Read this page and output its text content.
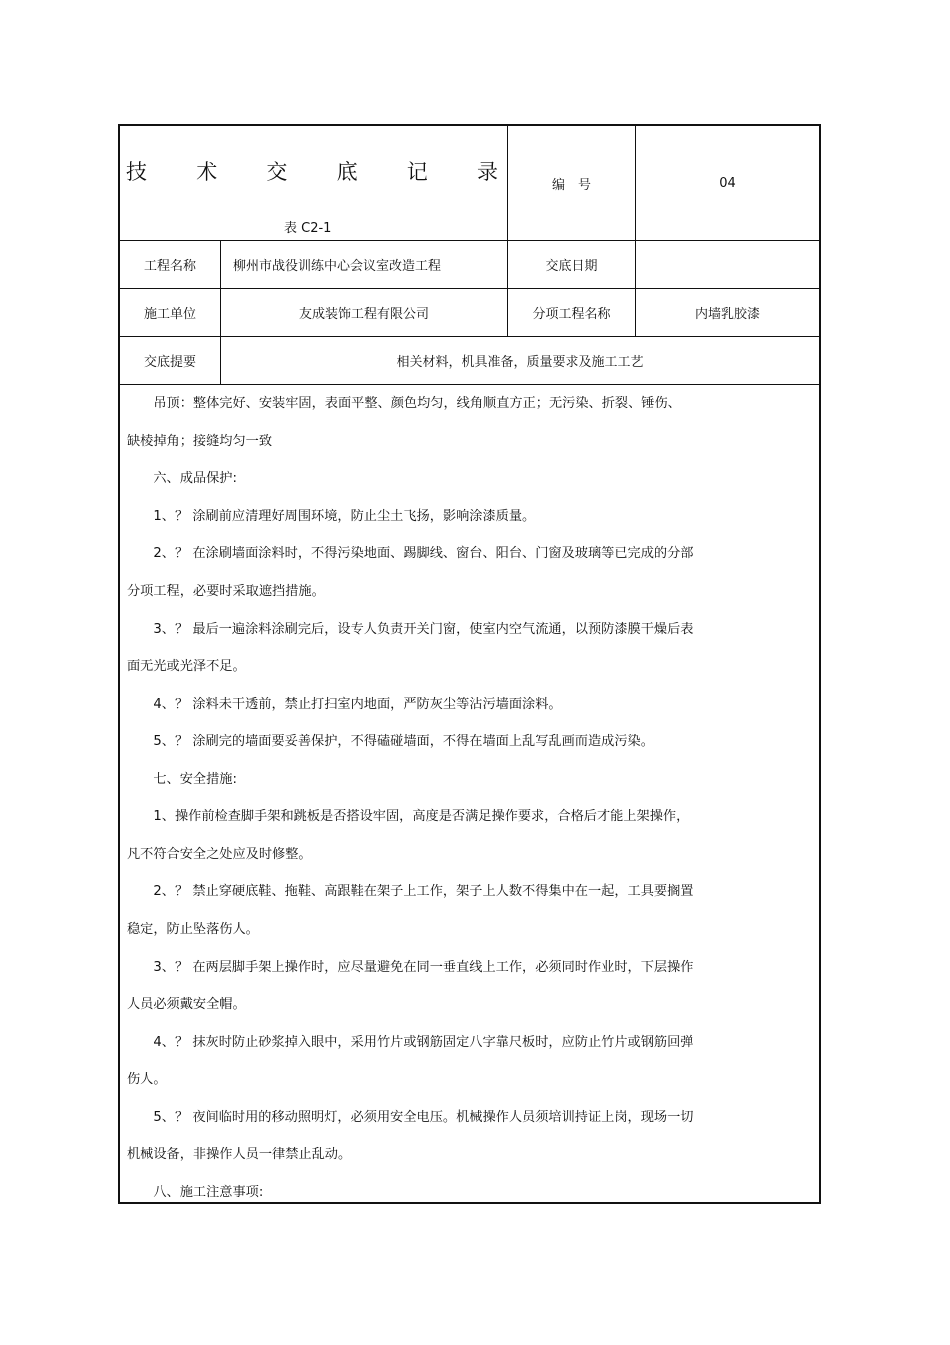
技 术 交 底 记 录
表 C2-1
编　号	04
工程名称	柳州市战役训练中心会议室改造工程	交底日期
施工单位	友成装饰工程有限公司	分项工程名称	内墙乳胶漆
交底提要	相关材料，机具准备，质量要求及施工工艺
　　吊顶：整体完好、安装牢固，表面平整、颜色均匀，线角顺直方正；无污染、折裂、锤伤、
缺棱掉角；接缝均匀一致
　　六、成品保护:
　　1、？ 涂刷前应清理好周围环境，防止尘土飞扬，影响涂漆质量。
　　2、？ 在涂刷墙面涂料时，不得污染地面、踢脚线、窗台、阳台、门窗及玻璃等已完成的分部
分项工程，必要时采取遮挡措施。
　　3、？ 最后一遍涂料涂刷完后，设专人负责开关门窗，使室内空气流通，以预防漆膜干燥后表
面无光或光泽不足。
　　4、？ 涂料未干透前，禁止打扫室内地面，严防灰尘等沾污墙面涂料。
　　5、？ 涂刷完的墙面要妥善保护，不得磕碰墙面，不得在墙面上乱写乱画而造成污染。
　　七、安全措施:
　　1、操作前检查脚手架和跳板是否搭设牢固，高度是否满足操作要求，合格后才能上架操作，
凡不符合安全之处应及时修整。
　　2、？ 禁止穿硬底鞋、拖鞋、高跟鞋在架子上工作，架子上人数不得集中在一起，工具要搁置
稳定，防止坠落伤人。
　　3、？ 在两层脚手架上操作时，应尽量避免在同一垂直线上工作，必须同时作业时，下层操作
人员必须戴安全帽。
　　4、？ 抹灰时防止砂浆掉入眼中，采用竹片或钢筋固定八字靠尺板时，应防止竹片或钢筋回弹
伤人。
　　5、？ 夜间临时用的移动照明灯，必须用安全电压。机械操作人员须培训持证上岗，现场一切
机械设备，非操作人员一律禁止乱动。
　　八、施工注意事项:
